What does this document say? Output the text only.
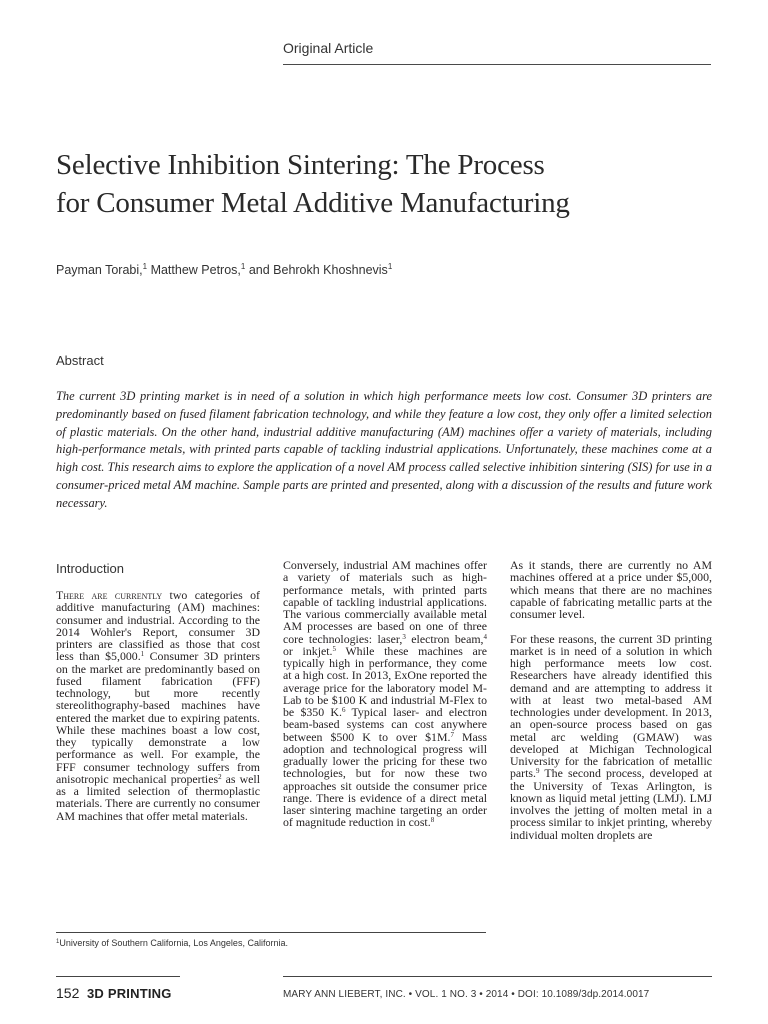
Original Article
Selective Inhibition Sintering: The Process
for Consumer Metal Additive Manufacturing
Payman Torabi,$^1$ Matthew Petros,$^1$ and Behrokh Khoshnevis$^1$
Abstract
The current 3D printing market is in need of a solution in which high performance meets low cost. Consumer 3D printers are predominantly based on fused filament fabrication technology, and while they feature a low cost, they only offer a limited selection of plastic materials. On the other hand, industrial additive manufacturing (AM) machines offer a variety of materials, including high-performance metals, with printed parts capable of tackling industrial applications. Unfortunately, these machines come at a high cost. This research aims to explore the application of a novel AM process called selective inhibition sintering (SIS) for use in a consumer-priced metal AM machine. Sample parts are printed and presented, along with a discussion of the results and future work necessary.
Introduction

There are currently two categories of additive manufacturing (AM) machines: consumer and industrial. According to the 2014 Wohler's Report, consumer 3D printers are classified as those that cost less than $5,000.$^1$ Consumer 3D printers on the market are predominantly based on fused filament fabrication (FFF) technology, but more recently stereolithography-based machines have entered the market due to expiring patents. While these machines boast a low cost, they typically demonstrate a low performance as well. For example, the FFF consumer technology suffers from anisotropic mechanical properties$^2$ as well as a limited selection of thermoplastic materials. There are currently no consumer AM machines that offer metal materials.

Conversely, industrial AM machines offer a variety of materials such as high-performance metals, with printed parts capable of tackling industrial applications. The various commercially available metal AM processes are based on one of three core technologies: laser,$^3$ electron beam,$^4$ or inkjet.$^5$ While these machines are typically high in performance, they come at a high cost. In 2013, ExOne reported the average price for the laboratory model M-Lab to be $100 K and industrial M-Flex to be $350 K.$^6$ Typical laser- and electron beam-based systems can cost anywhere between $500 K to over $1M.$^7$ Mass adoption and technological progress will gradually lower the pricing for these two technologies, but for now these two approaches sit outside the consumer price range. There is evidence of a direct metal laser sintering machine targeting an order of magnitude reduction in cost.$^8$

As it stands, there are currently no AM machines offered at a price under $5,000, which means that there are no machines capable of fabricating metallic parts at the consumer level.

For these reasons, the current 3D printing market is in need of a solution in which high performance meets low cost. Researchers have already identified this demand and are attempting to address it with at least two metal-based AM technologies under development. In 2013, an open-source process based on gas metal arc welding (GMAW) was developed at Michigan Technological University for the fabrication of metallic parts.$^9$ The second process, developed at the University of Texas Arlington, is known as liquid metal jetting (LMJ). LMJ involves the jetting of molten metal in a process similar to inkjet printing, whereby individual molten droplets are

$^1$University of Southern California, Los Angeles, California.
152 3D PRINTING	MARY ANN LIEBERT, INC. • VOL. 1 NO. 3 • 2014 • DOI: 10.1089/3dp.2014.0017
